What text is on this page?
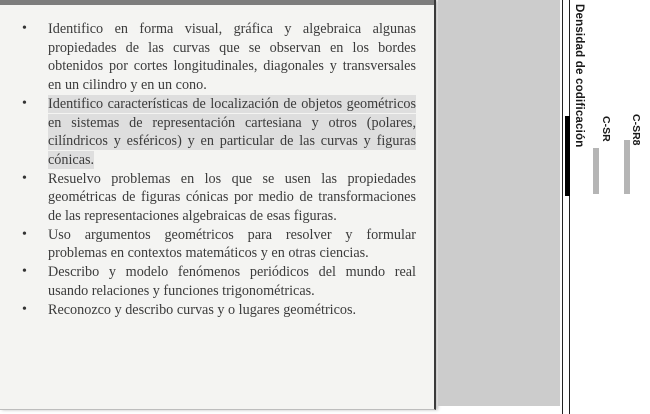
• Identifico en forma visual, gráfica y algebraica algunas propiedades de las curvas que se observan en los bordes obtenidos por cortes longitudinales, diagonales y transversales en un cilindro y en un cono.
• Identifico características de localización de objetos geométricos en sistemas de representación cartesiana y otros (polares, cilíndricos y esféricos) y en particular de las curvas y figuras cónicas.
• Resuelvo problemas en los que se usen las propiedades geométricas de figuras cónicas por medio de transformaciones de las representaciones algebraicas de esas figuras.
• Uso argumentos geométricos para resolver y formular problemas en contextos matemáticos y en otras ciencias.
• Describo y modelo fenómenos periódicos del mundo real usando relaciones y funciones trigonométricas.
• Reconozco y describo curvas y o lugares geométricos.
Densidad de codificación C-SR C-SR8
